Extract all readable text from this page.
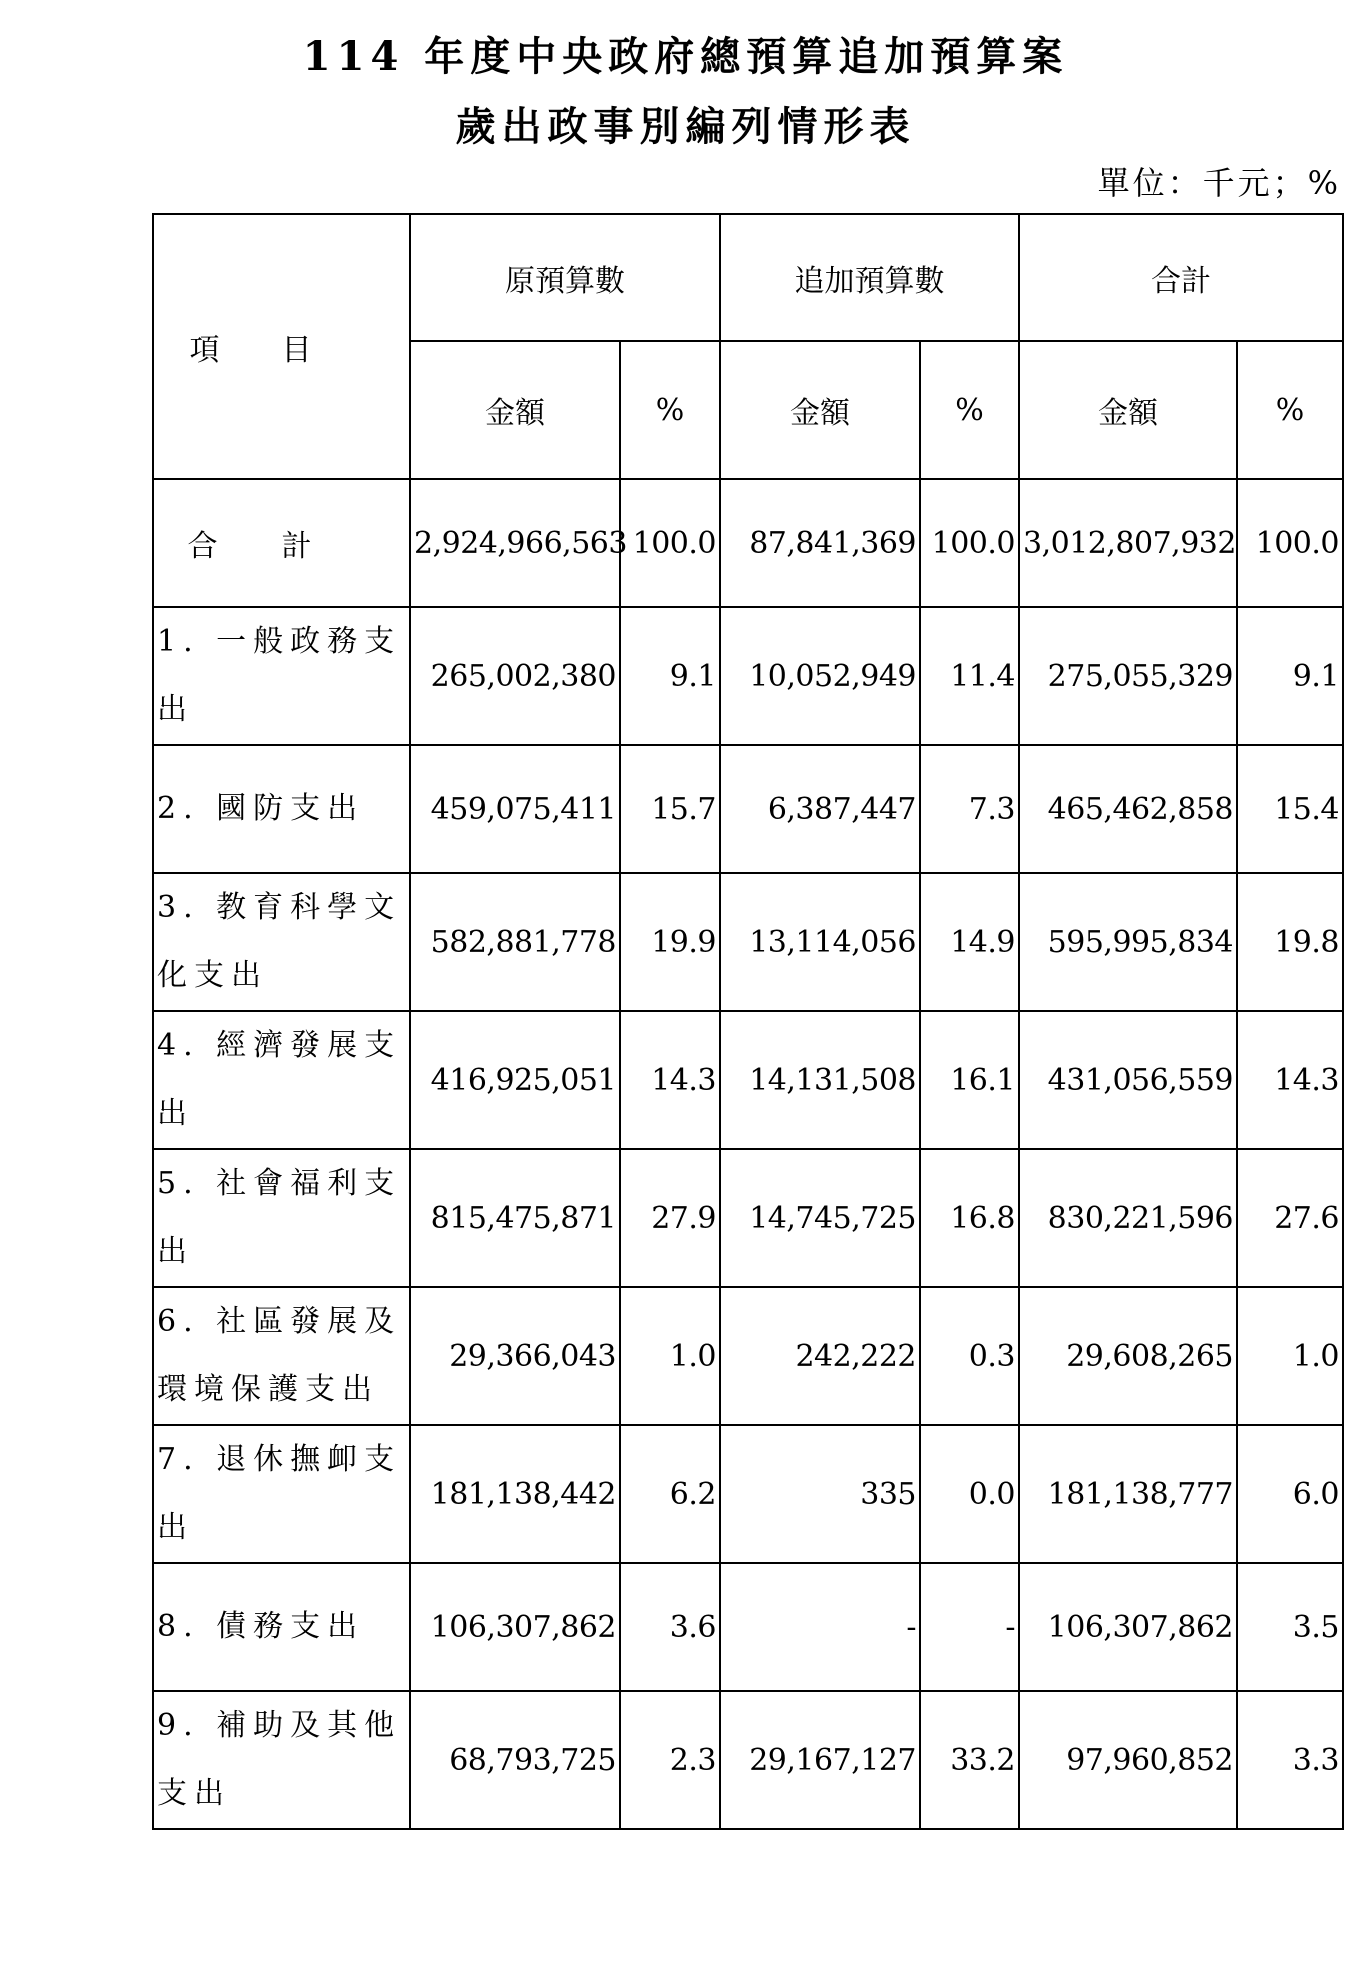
114 年度中央政府總預算追加預算案
歲出政事別編列情形表
單位：千元；%
項目	原預算數		追加預算數		合計	
	金額	%	金額	%	金額	%
合計	2,924,966,563	100.0	87,841,369	100.0	3,012,807,932	100.0
1. 一般政務支出	265,002,380	9.1	10,052,949	11.4	275,055,329	9.1
2. 國防支出	459,075,411	15.7	6,387,447	7.3	465,462,858	15.4
3. 教育科學文化支出	582,881,778	19.9	13,114,056	14.9	595,995,834	19.8
4. 經濟發展支出	416,925,051	14.3	14,131,508	16.1	431,056,559	14.3
5. 社會福利支出	815,475,871	27.9	14,745,725	16.8	830,221,596	27.6
6. 社區發展及環境保護支出	29,366,043	1.0	242,222	0.3	29,608,265	1.0
7. 退休撫卹支出	181,138,442	6.2	335	0.0	181,138,777	6.0
8. 債務支出	106,307,862	3.6	-	-	106,307,862	3.5
9. 補助及其他支出	68,793,725	2.3	29,167,127	33.2	97,960,852	3.3
